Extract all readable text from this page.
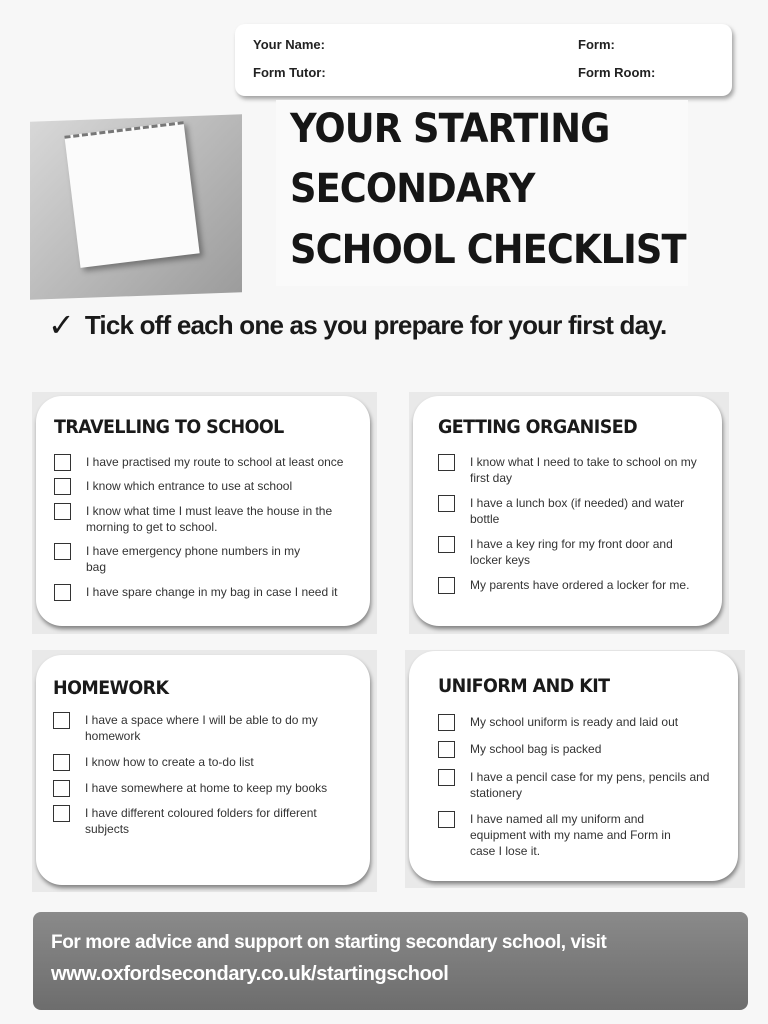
Your Name:	Form:
Form Tutor:	Form Room:
YOUR STARTING
SECONDARY
SCHOOL CHECKLIST
✓ Tick off each one as you prepare for your first day.
TRAVELLING TO SCHOOL
I have practised my route to school at least once
I know which entrance to use at school
I know what time I must leave the house in the morning to get to school.
I have emergency phone numbers in my bag
I have spare change in my bag in case I need it
GETTING ORGANISED
I know what I need to take to school on my first day
I have a lunch box (if needed) and water bottle
I have a key ring for my front door and locker keys
My parents have ordered a locker for me.
HOMEWORK
I have a space where I will be able to do my homework
I know how to create a to-do list
I have somewhere at home to keep my books
I have different coloured folders for different subjects
UNIFORM AND KIT
My school uniform is ready and laid out
My school bag is packed
I have a pencil case for my pens, pencils and stationery
I have named all my uniform and equipment with my name and Form in case I lose it.
For more advice and support on starting secondary school, visit
www.oxfordsecondary.co.uk/startingschool
